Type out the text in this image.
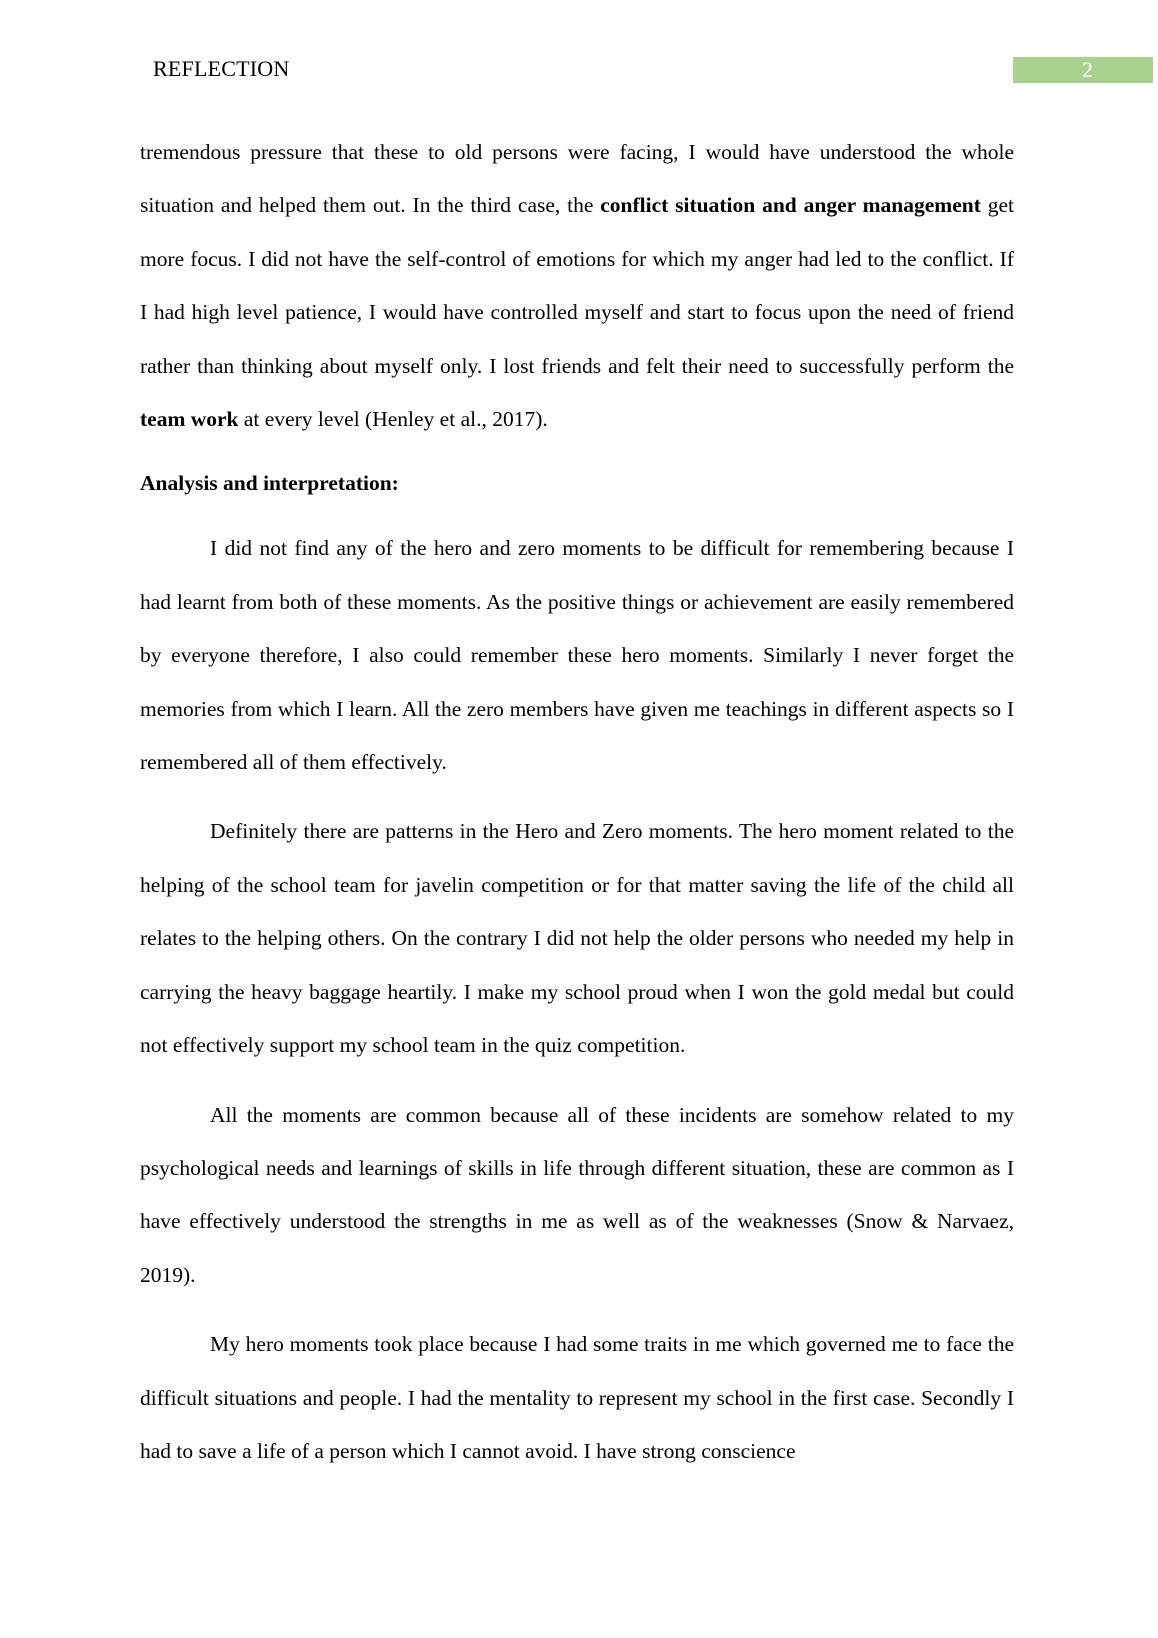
REFLECTION	2

tremendous pressure that these to old persons were facing, I would have understood the whole situation and helped them out. In the third case, the conflict situation and anger management get more focus. I did not have the self-control of emotions for which my anger had led to the conflict. If I had high level patience, I would have controlled myself and start to focus upon the need of friend rather than thinking about myself only. I lost friends and felt their need to successfully perform the team work at every level (Henley et al., 2017).

Analysis and interpretation:

I did not find any of the hero and zero moments to be difficult for remembering because I had learnt from both of these moments. As the positive things or achievement are easily remembered by everyone therefore, I also could remember these hero moments. Similarly I never forget the memories from which I learn. All the zero members have given me teachings in different aspects so I remembered all of them effectively.

Definitely there are patterns in the Hero and Zero moments. The hero moment related to the helping of the school team for javelin competition or for that matter saving the life of the child all relates to the helping others. On the contrary I did not help the older persons who needed my help in carrying the heavy baggage heartily. I make my school proud when I won the gold medal but could not effectively support my school team in the quiz competition.

All the moments are common because all of these incidents are somehow related to my psychological needs and learnings of skills in life through different situation, these are common as I have effectively understood the strengths in me as well as of the weaknesses (Snow & Narvaez, 2019).

My hero moments took place because I had some traits in me which governed me to face the difficult situations and people. I had the mentality to represent my school in the first case. Secondly I had to save a life of a person which I cannot avoid. I have strong conscience
